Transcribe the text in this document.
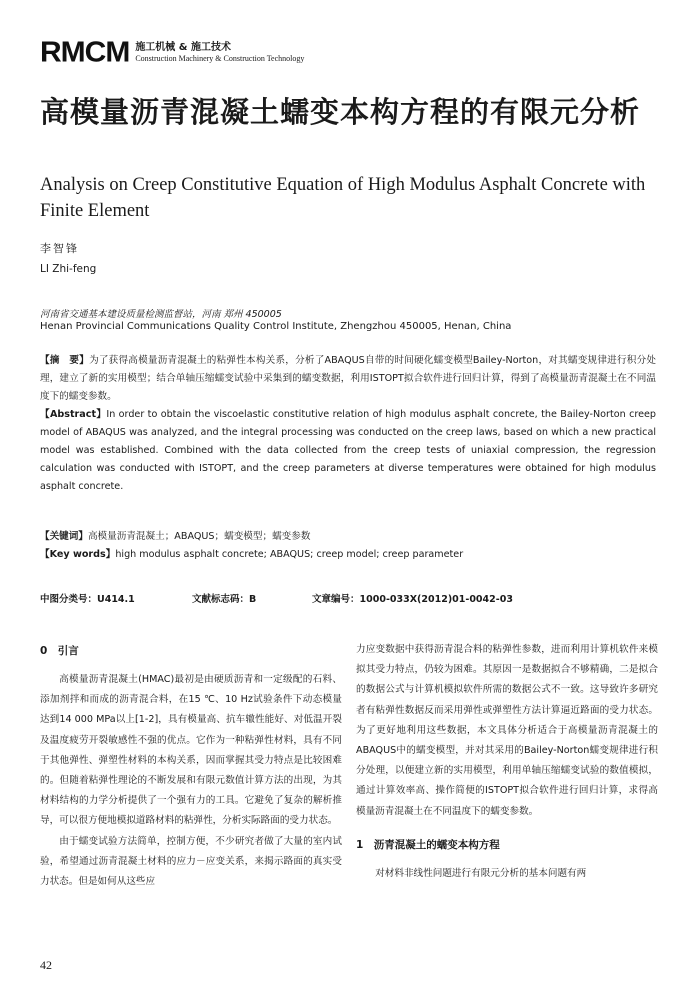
RMCM 施工机械 & 施工技术
Construction Machinery & Construction Technology
高模量沥青混凝土蠕变本构方程的有限元分析
Analysis on Creep Constitutive Equation of High Modulus Asphalt Concrete with Finite Element
李智锋
LI Zhi-feng
河南省交通基本建设质量检测监督站，河南 郑州 450005
Henan Provincial Communications Quality Control Institute, Zhengzhou 450005, Henan, China

【摘　要】为了获得高模量沥青混凝土的粘弹性本构关系，分析了ABAQUS自带的时间硬化蠕变模型Bailey-Norton，对其蠕变规律进行积分处理，建立了新的实用模型；结合单轴压缩蠕变试验中采集到的蠕变数据，利用ISTOPT拟合软件进行回归计算，得到了高模量沥青混凝土在不同温度下的蠕变参数。

【Abstract】In order to obtain the viscoelastic constitutive relation of high modulus asphalt concrete, the Bailey-Norton creep model of ABAQUS was analyzed, and the integral processing was conducted on the creep laws, based on which a new practical model was established. Combined with the data collected from the creep tests of uniaxial compression, the regression calculation was conducted with ISTOPT, and the creep parameters at diverse temperatures were obtained for high modulus asphalt concrete.

【关键词】高模量沥青混凝土；ABAQUS；蠕变模型；蠕变参数

【Key words】high modulus asphalt concrete; ABAQUS; creep model; creep parameter

中图分类号：U414.1	文献标志码：B	文章编号：1000-033X(2012)01-0042-03

0　引言

高模量沥青混凝土(HMAC)最初是由硬质沥青和一定级配的石料、添加剂拌和而成的沥青混合料，在15 ℃、10 Hz试验条件下动态模量达到14 000 MPa以上[1-2]，具有模量高、抗车辙性能好、对低温开裂及温度疲劳开裂敏感性不强的优点。它作为一种粘弹性材料，具有不同于其他弹性、弹塑性材料的本构关系，因而掌握其受力特点是比较困难的。但随着粘弹性理论的不断发展和有限元数值计算方法的出现，为其材料结构的力学分析提供了一个强有力的工具。它避免了复杂的解析推导，可以很方便地模拟道路材料的粘弹性，分析实际路面的受力状态。

由于蠕变试验方法简单，控制方便，不少研究者做了大量的室内试验，希望通过沥青混凝土材料的应力－应变关系，来揭示路面的真实受力状态。但是如何从这些应

力应变数据中获得沥青混合料的粘弹性参数，进而利用计算机软件来模拟其受力特点，仍较为困难。其原因一是数据拟合不够精确，二是拟合的数据公式与计算机模拟软件所需的数据公式不一致。这导致许多研究者有粘弹性数据反而采用弹性或弹塑性方法计算逼近路面的受力状态。为了更好地利用这些数据，本文具体分析适合于高模量沥青混凝土的ABAQUS中的蠕变模型，并对其采用的Bailey-Norton蠕变规律进行积分处理，以便建立新的实用模型，利用单轴压缩蠕变试验的数值模拟，通过计算效率高、操作简便的ISTOPT拟合软件进行回归计算，求得高模量沥青混凝土在不同温度下的蠕变参数。

1　沥青混凝土的蠕变本构方程

对材料非线性问题进行有限元分析的基本问题有两

42
